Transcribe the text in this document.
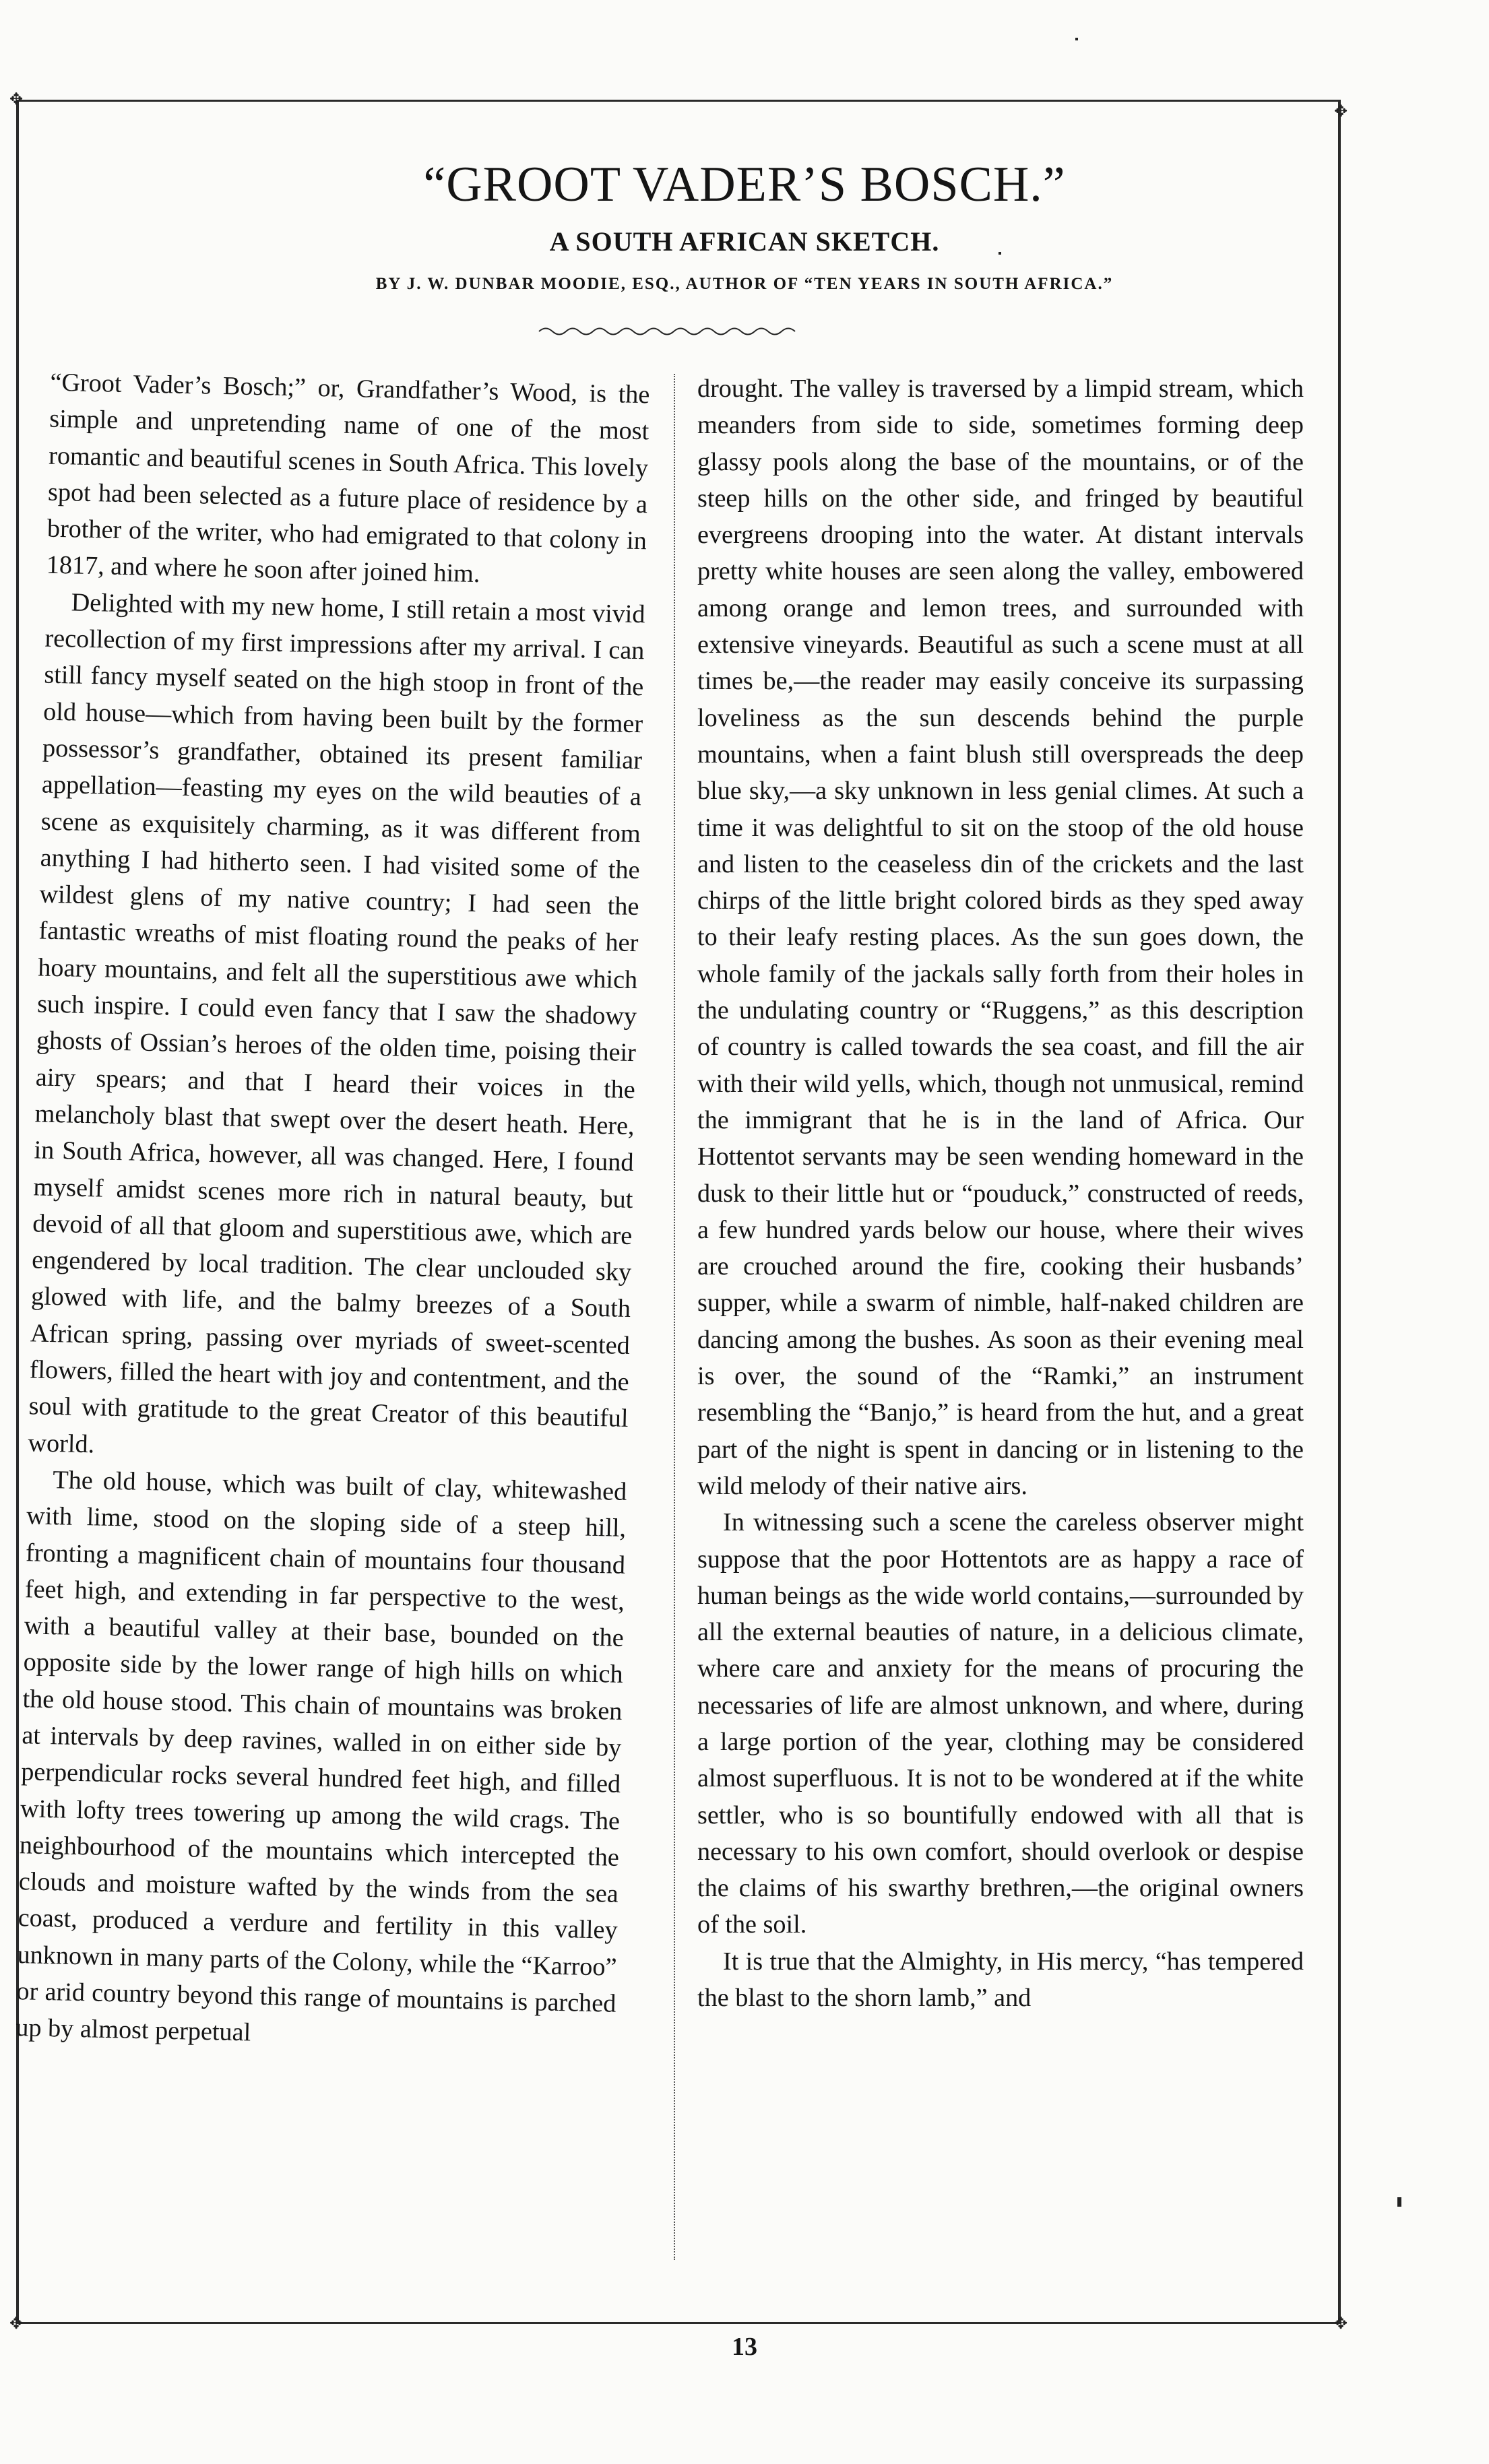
✥
✥
✥	✥
“GROOT VADER’S BOSCH.”
A SOUTH AFRICAN SKETCH.
BY J. W. DUNBAR MOODIE, ESQ., AUTHOR OF “TEN YEARS IN SOUTH AFRICA.”

“Groot Vader’s Bosch;” or, Grandfather’s Wood, is the simple and unpretending name of one of the most romantic and beautiful scenes in South Africa. This lovely spot had been selected as a future place of residence by a brother of the writer, who had emigrated to that colony in 1817, and where he soon after joined him.

Delighted with my new home, I still retain a most vivid recollection of my first impressions after my arrival. I can still fancy myself seated on the high stoop in front of the old house—which from having been built by the former possessor’s grandfather, obtained its present familiar appellation—feasting my eyes on the wild beauties of a scene as exquisitely charming, as it was different from anything I had hitherto seen. I had visited some of the wildest glens of my native country; I had seen the fantastic wreaths of mist floating round the peaks of her hoary mountains, and felt all the superstitious awe which such inspire. I could even fancy that I saw the shadowy ghosts of Ossian’s heroes of the olden time, poising their airy spears; and that I heard their voices in the melancholy blast that swept over the desert heath. Here, in South Africa, however, all was changed. Here, I found myself amidst scenes more rich in natural beauty, but devoid of all that gloom and superstitious awe, which are engendered by local tradition. The clear unclouded sky glowed with life, and the balmy breezes of a South African spring, passing over myriads of sweet-scented flowers, filled the heart with joy and contentment, and the soul with gratitude to the great Creator of this beautiful world.

The old house, which was built of clay, whitewashed with lime, stood on the sloping side of a steep hill, fronting a magnificent chain of mountains four thousand feet high, and extending in far perspective to the west, with a beautiful valley at their base, bounded on the opposite side by the lower range of high hills on which the old house stood. This chain of mountains was broken at intervals by deep ravines, walled in on either side by perpendicular rocks several hundred feet high, and filled with lofty trees towering up among the wild crags. The neighbourhood of the mountains which intercepted the clouds and moisture wafted by the winds from the sea coast, produced a verdure and fertility in this valley unknown in many parts of the Colony, while the “Karroo” or arid country beyond this range of mountains is parched up by almost perpetual

drought. The valley is traversed by a limpid stream, which meanders from side to side, sometimes forming deep glassy pools along the base of the mountains, or of the steep hills on the other side, and fringed by beautiful evergreens drooping into the water. At distant intervals pretty white houses are seen along the valley, embowered among orange and lemon trees, and surrounded with extensive vineyards. Beautiful as such a scene must at all times be,—the reader may easily conceive its surpassing loveliness as the sun descends behind the purple mountains, when a faint blush still overspreads the deep blue sky,—a sky unknown in less genial climes. At such a time it was delightful to sit on the stoop of the old house and listen to the ceaseless din of the crickets and the last chirps of the little bright colored birds as they sped away to their leafy resting places. As the sun goes down, the whole family of the jackals sally forth from their holes in the undulating country or “Ruggens,” as this description of country is called towards the sea coast, and fill the air with their wild yells, which, though not unmusical, remind the immigrant that he is in the land of Africa. Our Hottentot servants may be seen wending homeward in the dusk to their little hut or “pouduck,” constructed of reeds, a few hundred yards below our house, where their wives are crouched around the fire, cooking their husbands’ supper, while a swarm of nimble, half-naked children are dancing among the bushes. As soon as their evening meal is over, the sound of the “Ramki,” an instrument resembling the “Banjo,” is heard from the hut, and a great part of the night is spent in dancing or in listening to the wild melody of their native airs.

In witnessing such a scene the careless observer might suppose that the poor Hottentots are as happy a race of human beings as the wide world contains,—surrounded by all the external beauties of nature, in a delicious climate, where care and anxiety for the means of procuring the necessaries of life are almost unknown, and where, during a large portion of the year, clothing may be considered almost superfluous. It is not to be wondered at if the white settler, who is so bountifully endowed with all that is necessary to his own comfort, should overlook or despise the claims of his swarthy brethren,—the original owners of the soil.

It is true that the Almighty, in His mercy, “has tempered the blast to the shorn lamb,” and

13
